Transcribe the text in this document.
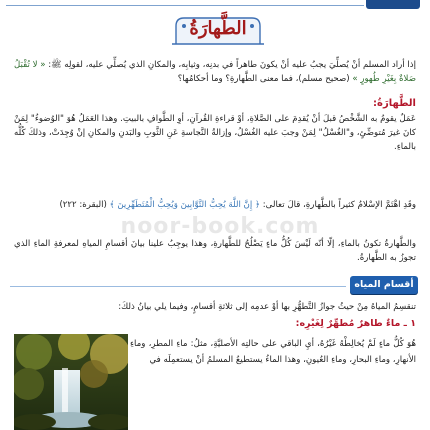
الطَّهارَةُ
إذا أراد المسلم أنْ يُصلِّيَ يجبُ عليه أنْ يكونَ طاهراً في بدنِه، وثيابِه، والمكانِ الذي يُصلِّي عليه، لقولِه ﷺ: « لا تُقْبَلُ صَلاةٌ بِغَيْرِ طُهورٍ » (صحيح مسلم)، فما معنى الطَّهارةِ؟ وما أحكامُها؟
الطَّهارَةُ:
عَمَلٌ يقومُ به الشَّخْصُ قبلَ أنْ يُقدِمَ على الصَّلاةِ، أوْ قراءةِ القُرآنِ، أوِ الطَّوافِ بالبيتِ. وهذا العَمَلُ هُوَ "الوُضوءُ" لِمَنْ كانَ غيرَ مُتوضِّئٍ، و"الغُسْلُ" لِمَنْ وجبَ عليه الغُسْلُ، وإزالةُ النَّجاسةِ عَنِ الثَّوبِ والبَدنِ والمكانِ إنْ وُجِدَتْ، وذلكَ كُلُّه بالماءِ.
وقَدِ اهْتَمَّ الإسْلامُ كثيراً بالطَّهارةِ، قالَ تعالى: ﴿ إِنَّ اللَّهَ يُحِبُّ التَّوَّابِينَ وَيُحِبُّ الْمُتَطَهِّرِينَ ﴾ (البقرة: ٢٢٢)
والطَّهارةُ تكونُ بالماءِ، إلّا أنّه لَيْسَ كُلُّ ماءٍ يَصْلُحُ للطَّهارةِ، وهذا يوجِبُ علينا بيانَ أقسامِ المياهِ لمعرفةِ الماءِ الذي تجوزُ به الطَّهارةُ.
أقسام المياه
تنقسِمُ المياهُ مِنْ حيثُ جوازُ التَّطهُّرِ بها أوْ عدمِه إلى ثلاثةِ أقسامٍ، وفيما يلي بيانُ ذلكَ:
١ ـ ماءٌ طاهرٌ مُطهِّرٌ لِغَيْرِه:
هُوَ كُلُّ ماءٍ لَمْ يُخالِطْهُ غَيْرُهُ، أيِ الباقي على حالتِه الأصليَّةِ، مثلُ: ماءِ المطرِ، وماءِ الأنهارِ، وماءِ البحارِ، وماءِ العُيونِ، وهذا الماءُ يستطيعُ المسلمُ أنْ يستعمِلَه في
noor-book.com
